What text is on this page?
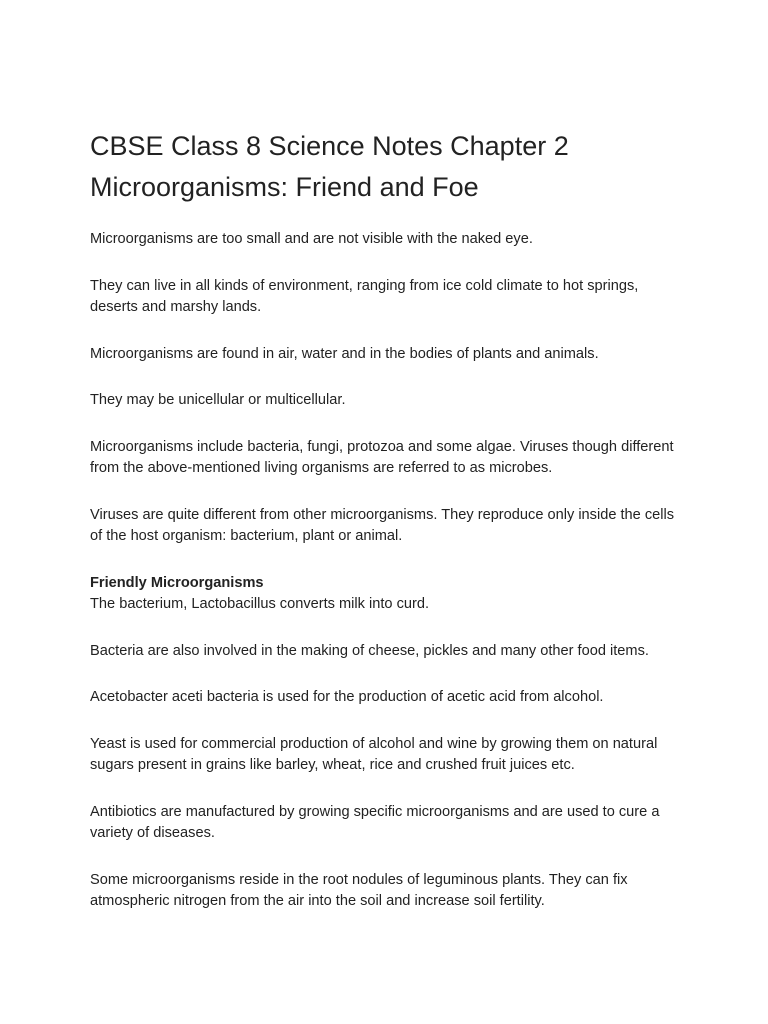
CBSE Class 8 Science Notes Chapter 2
Microorganisms: Friend and Foe

Microorganisms are too small and are not visible with the naked eye.

They can live in all kinds of environment, ranging from ice cold climate to hot springs, deserts and marshy lands.

Microorganisms are found in air, water and in the bodies of plants and animals.

They may be unicellular or multicellular.

Microorganisms include bacteria, fungi, protozoa and some algae. Viruses though different from the above-mentioned living organisms are referred to as microbes.

Viruses are quite different from other microorganisms. They reproduce only inside the cells of the host organism: bacterium, plant or animal.

Friendly Microorganisms
The bacterium, Lactobacillus converts milk into curd.

Bacteria are also involved in the making of cheese, pickles and many other food items.

Acetobacter aceti bacteria is used for the production of acetic acid from alcohol.

Yeast is used for commercial production of alcohol and wine by growing them on natural sugars present in grains like barley, wheat, rice and crushed fruit juices etc.

Antibiotics are manufactured by growing specific microorganisms and are used to cure a variety of diseases.

Some microorganisms reside in the root nodules of leguminous plants. They can fix atmospheric nitrogen from the air into the soil and increase soil fertility.
